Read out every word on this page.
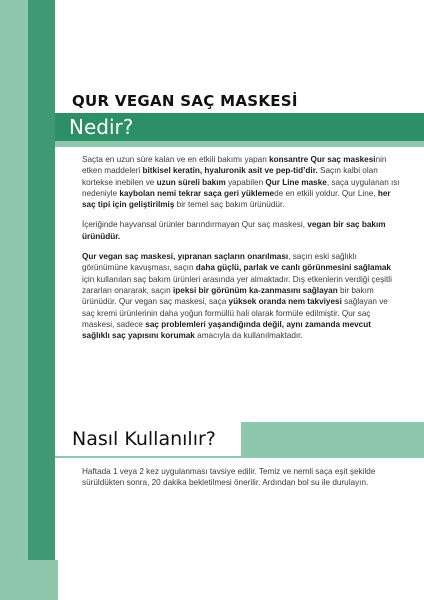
QUR VEGAN SAÇ MASKESİ
Nedir?

Saçta en uzun süre kalan ve en etkili bakımı yapan konsantre Qur saç maskesinin etken maddeleri bitkisel keratin, hyaluronik asit ve pep-tid’dir. Saçın kalbi olan kortekse inebilen ve uzun süreli bakım yapabilen Qur Line maske, saça uygulanan ısı nedeniyle kaybolan nemi tekrar saça geri yüklemede en etkili yoldur. Qur Line, her saç tipi için geliştirilmiş bir temel saç bakım ürünüdür.

İçeriğinde hayvansal ürünler barındırmayan Qur saç maskesi, vegan bir saç bakım ürünüdür.

Qur vegan saç maskesi, yıpranan saçların onarılması, saçın eski sağlıklı görünümüne kavuşması, saçın daha güçlü, parlak ve canlı görünmesini sağlamak için kullanılan saç bakım ürünleri arasında yer almaktadır. Dış etkenlerin verdiği çeşitli zararları onararak, saçın ipeksi bir görünüm ka-zanmasını sağlayan bir bakım ürünüdür. Qur vegan saç maskesi, saça yüksek oranda nem takviyesi sağlayan ve saç kremi ürünlerinin daha yoğun formüllü hali olarak formüle edilmiştir. Qur saç maskesi, sadece saç problemleri yaşandığında değil, aynı zamanda mevcut sağlıklı saç yapısını korumak amacıyla da kullanılmaktadır.

Nasıl Kullanılır?

Haftada 1 veya 2 kez uygulanması tavsiye edilir. Temiz ve nemli saça eşit şekilde sürüldükten sonra, 20 dakika bekletilmesi önerilir. Ardından bol su ile durulayın.
